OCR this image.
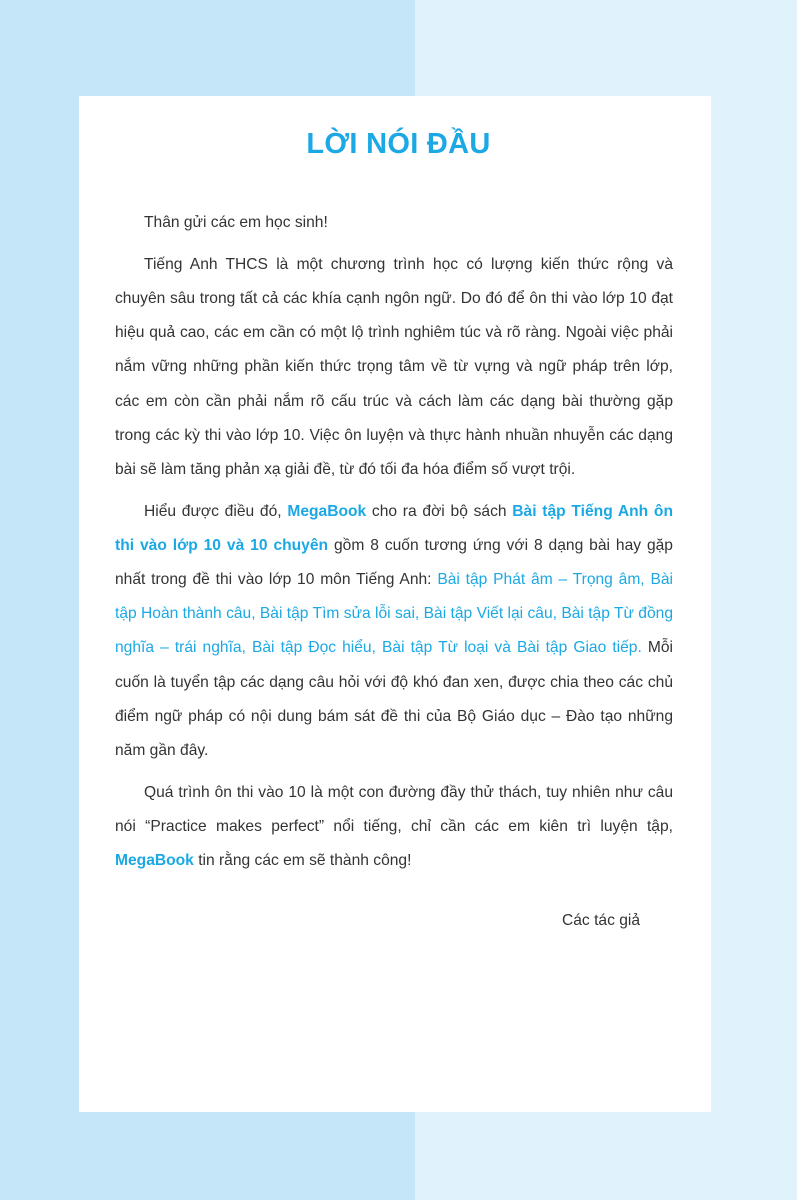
LỜI NÓI ĐẦU

Thân gửi các em học sinh!

Tiếng Anh THCS là một chương trình học có lượng kiến thức rộng và chuyên sâu trong tất cả các khía cạnh ngôn ngữ. Do đó để ôn thi vào lớp 10 đạt hiệu quả cao, các em cần có một lộ trình nghiêm túc và rõ ràng. Ngoài việc phải nắm vững những phần kiến thức trọng tâm về từ vựng và ngữ pháp trên lớp, các em còn cần phải nắm rõ cấu trúc và cách làm các dạng bài thường gặp trong các kỳ thi vào lớp 10. Việc ôn luyện và thực hành nhuần nhuyễn các dạng bài sẽ làm tăng phản xạ giải đề, từ đó tối đa hóa điểm số vượt trội.

Hiểu được điều đó, MegaBook cho ra đời bộ sách Bài tập Tiếng Anh ôn thi vào lớp 10 và 10 chuyên gồm 8 cuốn tương ứng với 8 dạng bài hay gặp nhất trong đề thi vào lớp 10 môn Tiếng Anh: Bài tập Phát âm – Trọng âm, Bài tập Hoàn thành câu, Bài tập Tìm sửa lỗi sai, Bài tập Viết lại câu, Bài tập Từ đồng nghĩa – trái nghĩa, Bài tập Đọc hiểu, Bài tập Từ loại và Bài tập Giao tiếp. Mỗi cuốn là tuyển tập các dạng câu hỏi với độ khó đan xen, được chia theo các chủ điểm ngữ pháp có nội dung bám sát đề thi của Bộ Giáo dục – Đào tạo những năm gần đây.

Quá trình ôn thi vào 10 là một con đường đầy thử thách, tuy nhiên như câu nói “Practice makes perfect” nổi tiếng, chỉ cần các em kiên trì luyện tập, MegaBook tin rằng các em sẽ thành công!

Các tác giả
